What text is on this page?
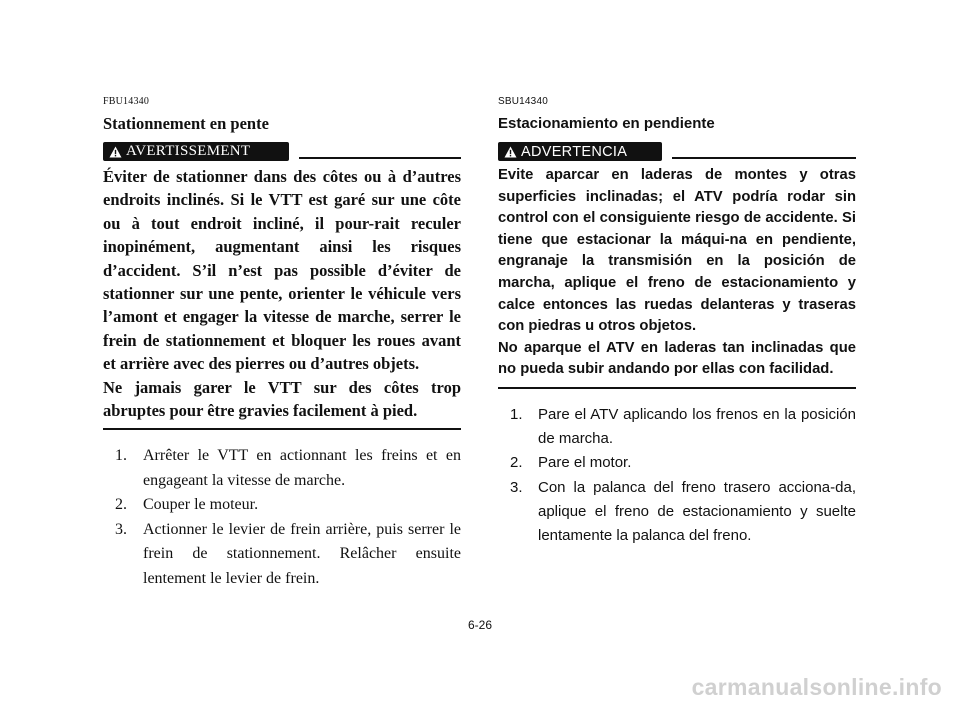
FBU14340
Stationnement en pente
AVERTISSEMENT

Éviter de stationner dans des côtes ou à d’autres endroits inclinés. Si le VTT est garé sur une côte ou à tout endroit incliné, il pour-rait reculer inopinément, augmentant ainsi les risques d’accident. S’il n’est pas possible d’éviter de stationner sur une pente, orienter le véhicule vers l’amont et engager la vitesse de marche, serrer le frein de stationnement et bloquer les roues avant et arrière avec des pierres ou d’autres objets.

Ne jamais garer le VTT sur des côtes trop abruptes pour être gravies facilement à pied.

1.	Arrêter le VTT en actionnant les freins et en engageant la vitesse de marche.
2.	Couper le moteur.
3.	Actionner le levier de frein arrière, puis serrer le frein de stationnement. Relâcher ensuite lentement le levier de frein.
SBU14340
Estacionamiento en pendiente
ADVERTENCIA

Evite aparcar en laderas de montes y otras superficies inclinadas; el ATV podría rodar sin control con el consiguiente riesgo de accidente. Si tiene que estacionar la máqui-na en pendiente, engranaje la transmisión en la posición de marcha, aplique el freno de estacionamiento y calce entonces las ruedas delanteras y traseras con piedras u otros objetos.

No aparque el ATV en laderas tan inclinadas que no pueda subir andando por ellas con facilidad.

1.	Pare el ATV aplicando los frenos en la posición de marcha.
2.	Pare el motor.
3.	Con la palanca del freno trasero acciona-da, aplique el freno de estacionamiento y suelte lentamente la palanca del freno.
6-26
carmanualsonline.info
